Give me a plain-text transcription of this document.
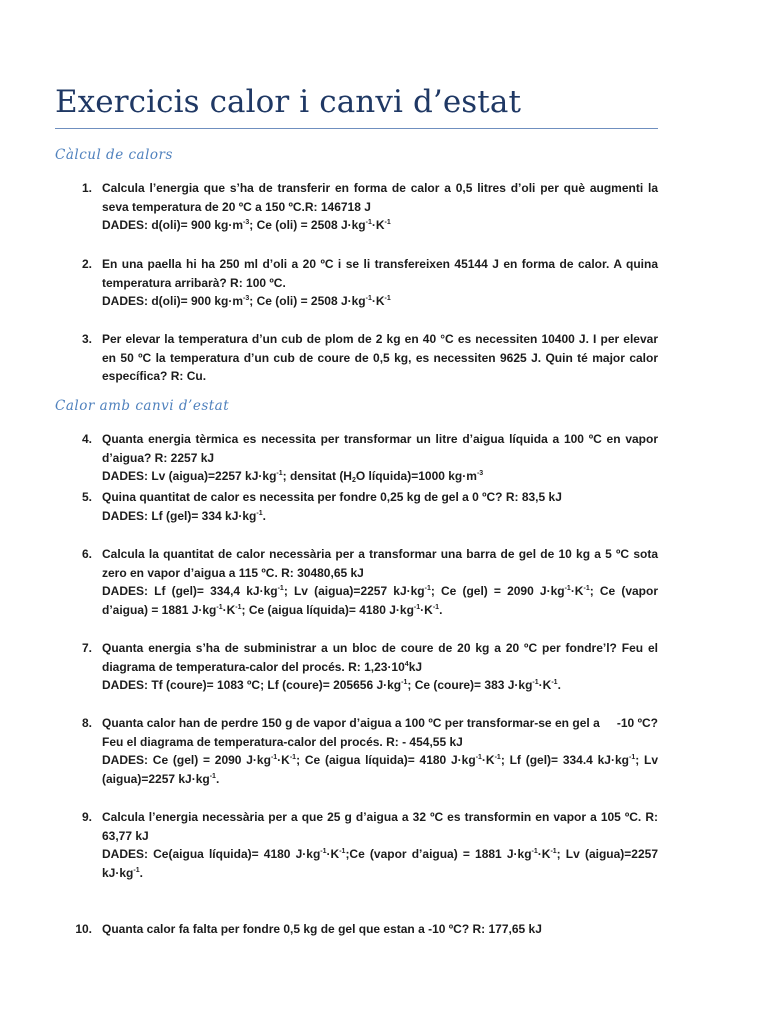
Exercicis calor i canvi d’estat
Càlcul de calors
1. Calcula l’energia que s’ha de transferir en forma de calor a 0,5 litres d’oli per què augmenti la seva temperatura de 20 ºC a 150 ºC.R: 146718 J
DADES: d(oli)= 900 $kg\cdot m^{-3}$; Ce (oli) = 2508 $J\cdot kg^{-1}\cdot K^{-1}$
2. En una paella hi ha 250 ml d’oli a 20 ºC i se li transfereixen 45144 J en forma de calor. A quina temperatura arribarà? R: 100 ºC.
DADES: d(oli)= 900 $kg\cdot m^{-3}$; Ce (oli) = 2508 $J\cdot kg^{-1}\cdot K^{-1}$
3. Per elevar la temperatura d’un cub de plom de 2 kg en 40 °C es necessiten 10400 J. I per elevar en 50 ºC la temperatura d’un cub de coure de 0,5 kg, es necessiten 9625 J. Quin té major calor específica? R: Cu.
Calor amb canvi d’estat
4. Quanta energia tèrmica es necessita per transformar un litre d’aigua líquida a 100 ºC en vapor d’aigua? R: 2257 kJ
DADES: Lv (aigua)=2257 $kJ\cdot kg^{-1}$; densitat ($H_2O$ líquida)=1000 $kg\cdot m^{-3}$
5. Quina quantitat de calor es necessita per fondre 0,25 kg de gel a 0 ºC? R: 83,5 kJ
DADES: Lf (gel)= 334 $kJ\cdot kg^{-1}$.
6. Calcula la quantitat de calor necessària per a transformar una barra de gel de 10 kg a 5 ºC sota zero en vapor d’aigua a 115 ºC. R: 30480,65 kJ
DADES: Lf (gel)= 334,4 $kJ\cdot kg^{-1}$; Lv (aigua)=2257 $kJ\cdot kg^{-1}$; Ce (gel) = 2090 $J\cdot kg^{-1}\cdot K^{-1}$; Ce (vapor d’aigua) = 1881 $J\cdot kg^{-1}\cdot K^{-1}$; Ce (aigua líquida)= 4180 $J\cdot kg^{-1}\cdot K^{-1}$.
7. Quanta energia s’ha de subministrar a un bloc de coure de 20 kg a 20 ºC per fondre’l? Feu el diagrama de temperatura-calor del procés. R: $1,23\cdot 10^4kJ$
DADES: Tf (coure)= 1083 ºC; Lf (coure)= 205656 $J\cdot kg^{-1}$; Ce (coure)= 383 $J\cdot kg^{-1}\cdot K^{-1}$.
8. Quanta calor han de perdre 150 g de vapor d’aigua a 100 ºC per transformar-se en gel a     -10 ºC? Feu el diagrama de temperatura-calor del procés. R: - 454,55 kJ
DADES: Ce (gel) = 2090 $J\cdot kg^{-1}\cdot K^{-1}$; Ce (aigua líquida)= 4180 $J\cdot kg^{-1}\cdot K^{-1}$; Lf (gel)= 334.4 $kJ\cdot kg^{-1}$; Lv (aigua)=2257 $kJ\cdot kg^{-1}$.
9. Calcula l’energia necessària per a que 25 g d’aigua a 32 ºC es transformin en vapor a 105 ºC. R: 63,77 kJ
DADES: Ce(aigua líquida)= 4180 $J\cdot kg^{-1}\cdot K^{-1};Ce$ (vapor d’aigua) = 1881 $J\cdot kg^{-1}\cdot K^{-1}$; Lv (aigua)=2257 $kJ\cdot kg^{-1}$.
10. Quanta calor fa falta per fondre 0,5 kg de gel que estan a -10 ºC? R: 177,65 kJ
